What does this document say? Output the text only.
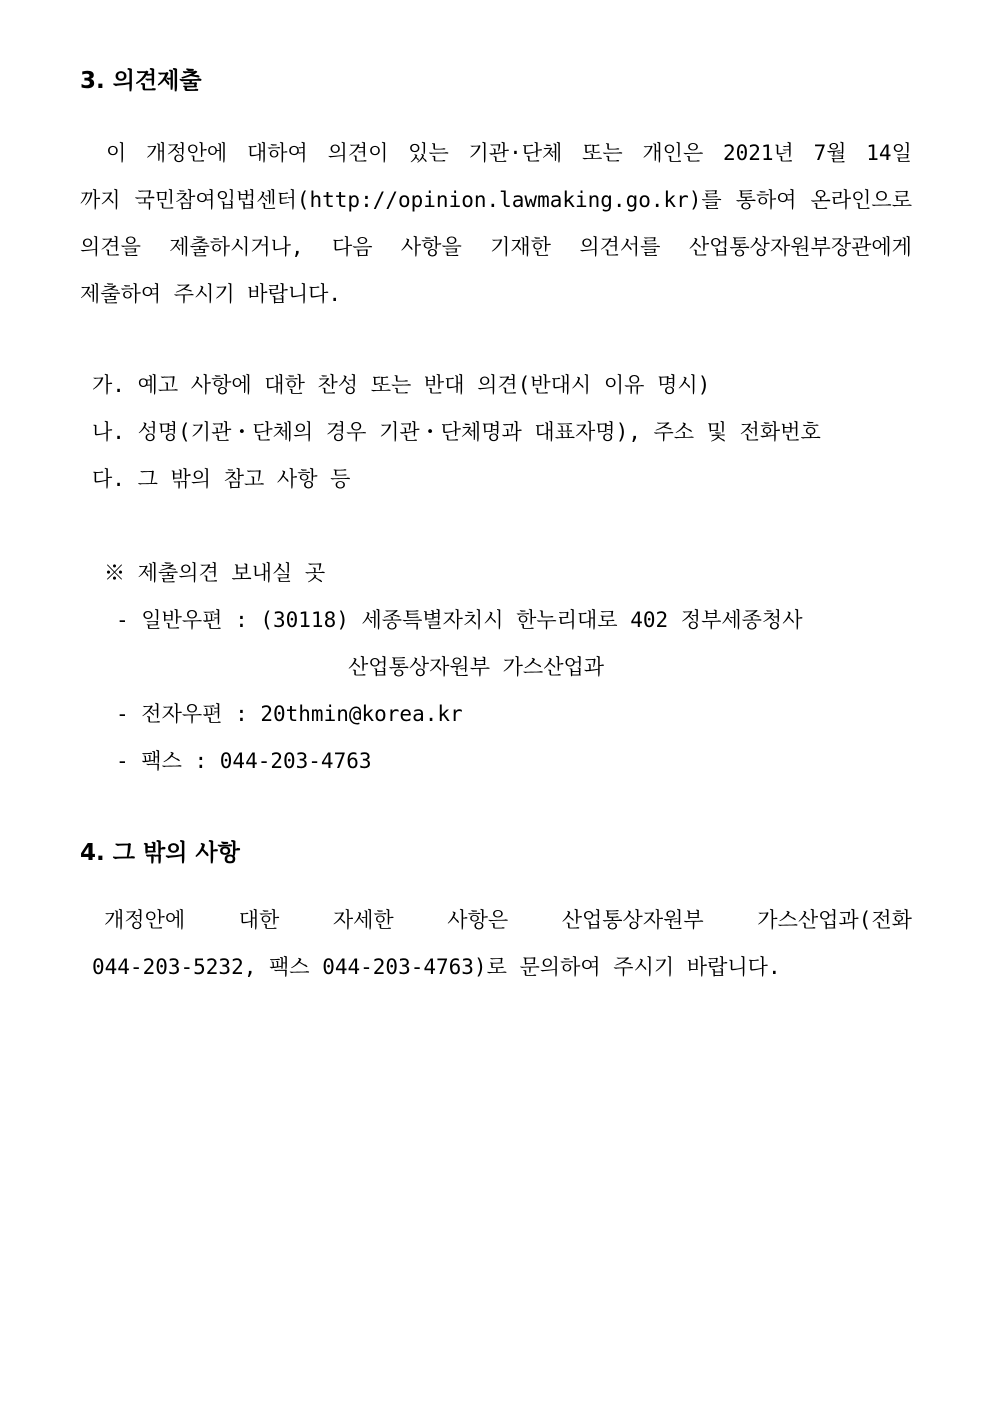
3. 의견제출
이 개정안에 대하여 의견이 있는 기관·단체 또는 개인은 2021년 7월 14일
까지 국민참여입법센터(http://opinion.lawmaking.go.kr)를 통하여 온라인으로
의견을 제출하시거나, 다음 사항을 기재한 의견서를 산업통상자원부장관에게
제출하여 주시기 바랍니다.
가. 예고 사항에 대한 찬성 또는 반대 의견(반대시 이유 명시)
나. 성명(기관・단체의 경우 기관・단체명과 대표자명), 주소 및 전화번호
다. 그 밖의 참고 사항 등
※ 제출의견 보내실 곳
- 일반우편 : (30118) 세종특별자치시 한누리대로 402 정부세종청사
산업통상자원부 가스산업과
- 전자우편 : 20thmin@korea.kr
- 팩스 : 044-203-4763
4. 그 밖의 사항
개정안에	대한	자세한	사항은	산업통상자원부	가스산업과(전화
044-203-5232, 팩스 044-203-4763)로 문의하여 주시기 바랍니다.
